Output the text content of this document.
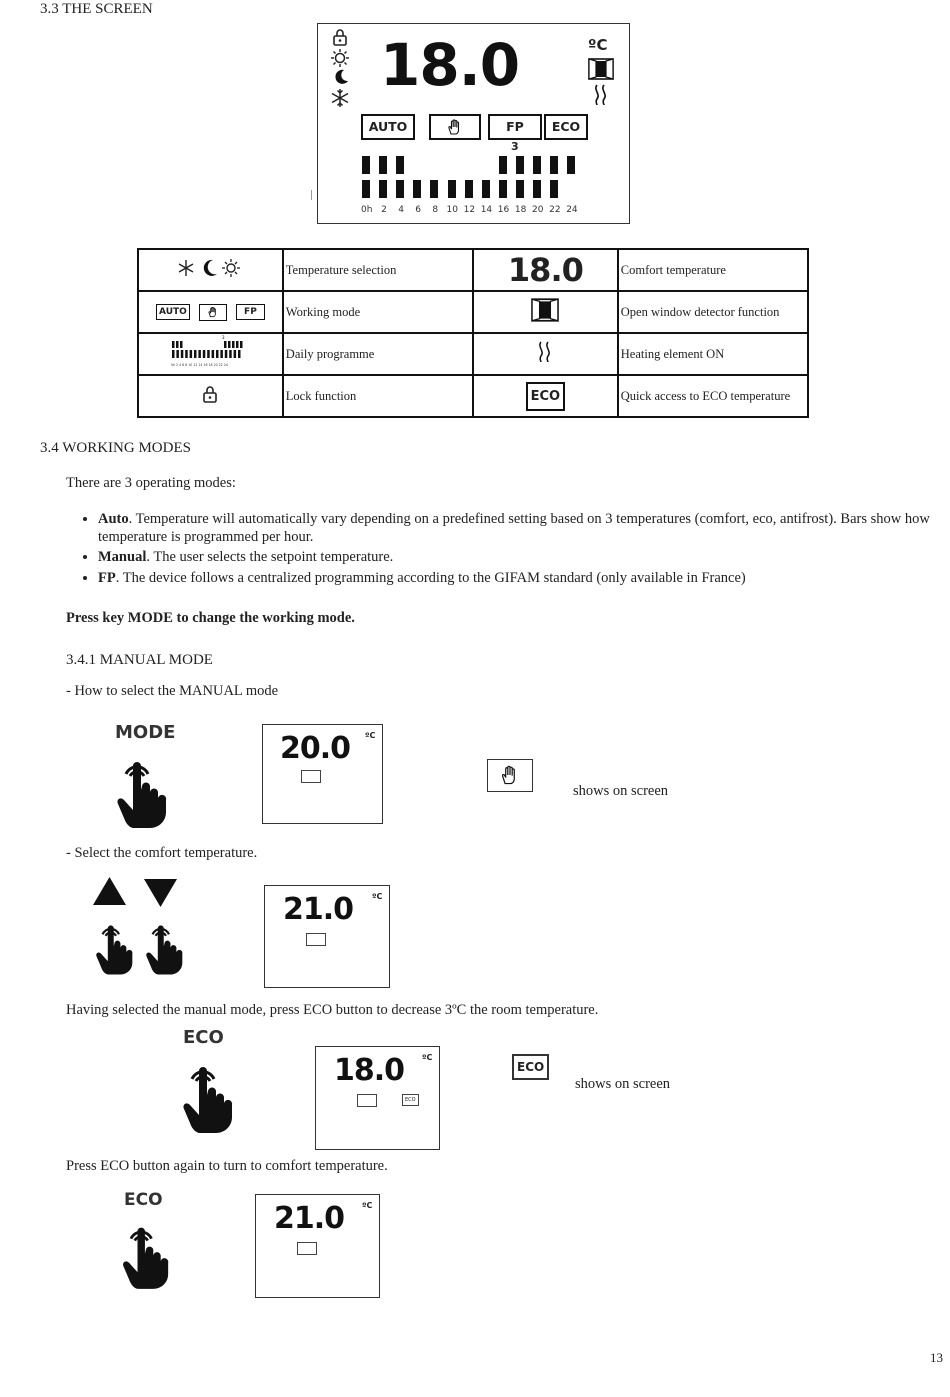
3.3 THE SCREEN
18.0	ºC
AUTO	FP	ECO
3
0h 2 4 6 8 10 12 14 16 18 20 22 24
	Temperature selection	18.0	Comfort temperature
AUTO FP	Working mode		Open window detector function

3
0h 2 4 6 8 10 12 14 16 18 20 22 24	Daily programme		Heating element ON
	Lock function	ECO	Quick access to ECO temperature
3.4 WORKING MODES
There are 3 operating modes:
• Auto. Temperature will automatically vary depending on a predefined setting based on 3 temperatures (comfort, eco, antifrost). Bars show how temperature is programmed per hour.
• Manual. The user selects the setpoint temperature.
• FP. The device follows a centralized programming according to the GIFAM standard (only available in France)
Press key MODE to change the working mode.
3.4.1 MANUAL MODE
- How to select the MANUAL mode
MODE	20.0 ºC
shows on screen
- Select the comfort temperature.
21.0 ºC
Having selected the manual mode, press ECO button to decrease 3ºC the room temperature.
ECO
18.0 ºC
ECO
ECO
shows on screen
Press ECO button again to turn to comfort temperature.
ECO
21.0 ºC
13
